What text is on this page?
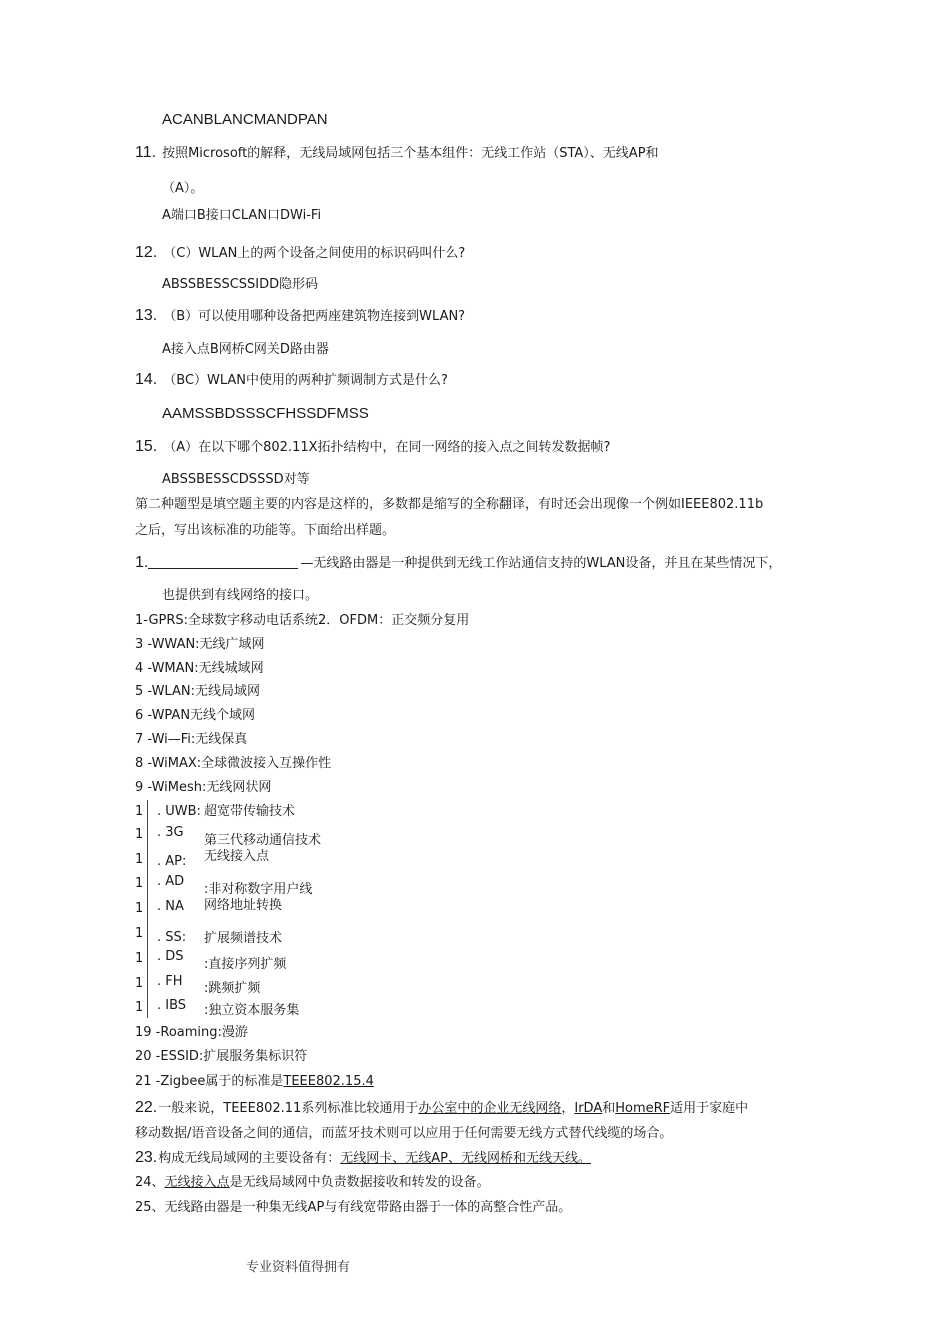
ACANBLANCMANDPAN
11. 按照Microsoft的解释，无线局域网包括三个基本组件：无线工作站（STA）、无线AP和
（A）。
A端口B接口CLAN口DWi-Fi
12. （C）WLAN上的两个设备之间使用的标识码叫什么?
ABSSBESSCSSIDD隐形码
13. （B）可以使用哪种设备把两座建筑物连接到WLAN?
A接入点B网桥C网关D路由器
14. （BC）WLAN中使用的两种扩频调制方式是什么?
AAMSSBDSSSCFHSSDFMSS
15. （A）在以下哪个802.11X拓扑结构中，在同一网络的接入点之间转发数据帧?
ABSSBESSCDSSSD对等
第二种题型是填空题主要的内容是这样的，多数都是缩写的全称翻译，有时还会出现像一个例如IEEE802.11b
之后，写出该标准的功能等。下面给出样题。
1.	—无线路由器是一种提供到无线工作站通信支持的WLAN设备，并且在某些情况下，
也提供到有线网络的接口。
1-GPRS:全球数字移动电话系统2．OFDM：正交频分复用
3 -WWAN:无线广域网
4 -WMAN:无线城域网
5 -WLAN:无线局域网
6 -WPAN无线个域网
7 -Wi—Fi:无线保真
8 -WiMAX:全球微波接入互操作性
9 -WiMesh:无线网状网
1 . UWB: 超宽带传输技术
1 . 3G
第三代移动通信技术
1 . AP: 无线接入点
1 . AD
:非对称数字用户线
1 . NA 网络地址转换
1 . SS: 扩展频谱技术
1 . DS
:直接序列扩频
1 . FH :跳频扩频
1 . IBS :独立资本服务集
19 -Roaming:漫游
20 -ESSID:扩展服务集标识符
21 -Zigbee属于的标准是TEEE802.15.4
22.一般来说，TEEE802.11系列标准比较通用于办公室中的企业无线网络，IrDA和HomeRF适用于家庭中
移动数据/语音设备之间的通信，而蓝牙技术则可以应用于任何需要无线方式替代线缆的场合。
23.构成无线局域网的主要设备有：无线网卡、无线AP、无线网桥和无线天线。
24、无线接入点是无线局域网中负责数据接收和转发的设备。
25、无线路由器是一种集无线AP与有线宽带路由器于一体的高整合性产品。
专业资料值得拥有
